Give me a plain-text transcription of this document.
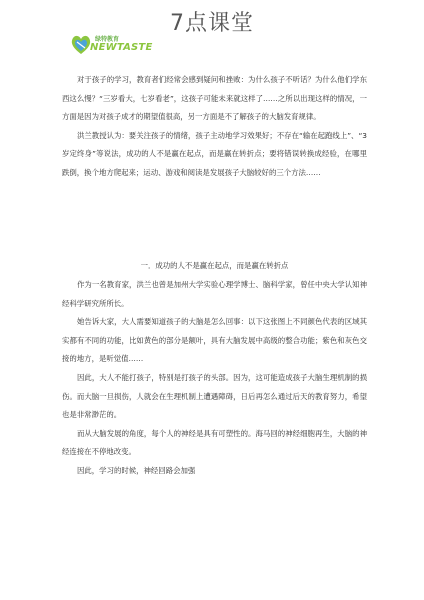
7点课堂
绿特教育
NEWTASTE

对于孩子的学习，教育者们经常会感到疑问和挫败：为什么孩子不听话？为什么他们学东西这么慢？“三岁看大，七岁看老”，这孩子可能未来就这样了……之所以出现这样的情况，一方面是因为对孩子成才的期望值很高，另一方面是不了解孩子的大脑发育规律。

洪兰教授认为：要关注孩子的情绪，孩子主动地学习效果好；不存在“输在起跑线上”、“3岁定终身”等说法，成功的人不是赢在起点，而是赢在转折点；要将错误转换成经验，在哪里跌倒，换个地方爬起来；运动、游戏和阅读是发展孩子大脑较好的三个方法……

一．成功的人不是赢在起点，而是赢在转折点

作为一名教育家，洪兰也曾是加州大学实验心理学博士、脑科学家，曾任中央大学认知神经科学研究所所长。

她告诉大家，大人需要知道孩子的大脑是怎么回事：以下这张图上不同颜色代表的区域其实都有不同的功能，比如黄色的部分是额叶，具有大脑发展中高级的整合功能；紫色和灰色交接的地方，是听觉值……

因此，大人不能打孩子，特别是打孩子的头部。因为，这可能造成孩子大脑生理机制的损伤。而大脑一旦损伤，人就会在生理机制上遭遇障碍，日后再怎么通过后天的教育努力，希望也是非常渺茫的。

而从大脑发展的角度，每个人的神经是具有可塑性的。海马回的神经细胞再生，大脑的神经连接在不停地改变。

因此，学习的时候，神经回路会加强
